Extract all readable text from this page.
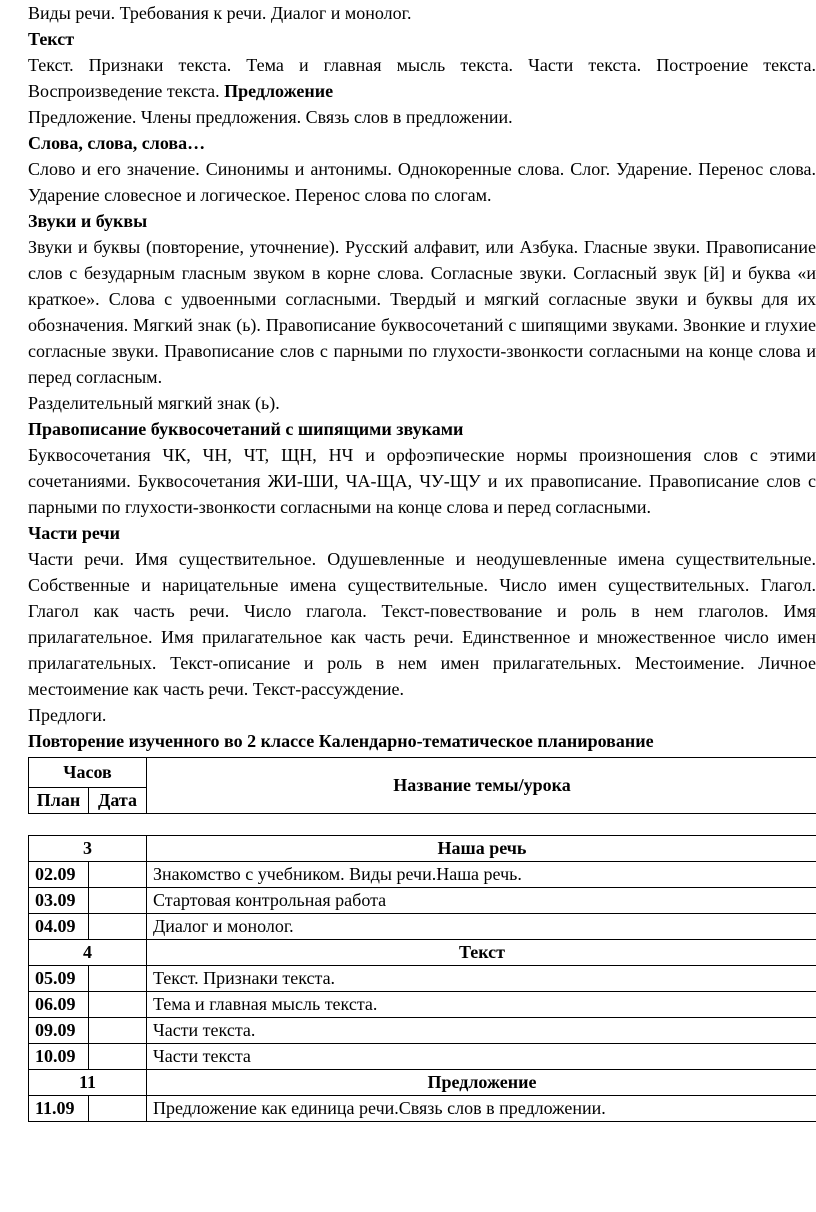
Виды речи. Требования к речи. Диалог и монолог.

Текст

Текст. Признаки текста. Тема и главная мысль текста. Части текста. Построение текста. Воспроизведение текста. Предложение

Предложение. Члены предложения. Связь слов в предложении.

Слова, слова, слова…

Слово и его значение. Синонимы и антонимы. Однокоренные слова. Слог. Ударение. Перенос слова. Ударение словесное и логическое. Перенос слова по слогам.

Звуки и буквы

Звуки и буквы (повторение, уточнение). Русский алфавит, или Азбука. Гласные звуки. Правописание слов с безударным гласным звуком в корне слова. Согласные звуки. Согласный звук [й] и буква «и краткое». Слова с удвоенными согласными. Твердый и мягкий согласные звуки и буквы для их обозначения. Мягкий знак (ь). Правописание буквосочетаний с шипящими звуками. Звонкие и глухие согласные звуки. Правописание слов с парными по глухости-звонкости согласными на конце слова и перед согласным.

Разделительный мягкий знак (ь).

Правописание буквосочетаний с шипящими звуками

Буквосочетания ЧК, ЧН, ЧТ, ЩН, НЧ и орфоэпические нормы произношения слов с этими сочетаниями. Буквосочетания ЖИ-ШИ, ЧА-ЩА, ЧУ-ЩУ и их правописание. Правописание слов с парными по глухости-звонкости согласными на конце слова и перед согласными.

Части речи

Части речи. Имя существительное. Одушевленные и неодушевленные имена существительные. Собственные и нарицательные имена существительные. Число имен существительных. Глагол. Глагол как часть речи. Число глагола. Текст-повествование и роль в нем глаголов. Имя прилагательное. Имя прилагательное как часть речи. Единственное и множественное число имен прилагательных. Текст-описание и роль в нем имен прилагательных. Местоимение. Личное местоимение как часть речи. Текст-рассуждение.

Предлоги.

Повторение изученного во 2 классе Календарно-тематическое планирование

Часов		Название темы/урока
План	Дата	
3		Наша речь
02.09		Знакомство с учебником. Виды речи.Наша речь.
03.09		Стартовая контрольная работа
04.09		Диалог и монолог.
4		Текст
05.09		Текст. Признаки текста.
06.09		Тема и главная мысль текста.
09.09		Части текста.
10.09		Части текста
11		Предложение
11.09		Предложение как единица речи.Связь слов в предложении.
